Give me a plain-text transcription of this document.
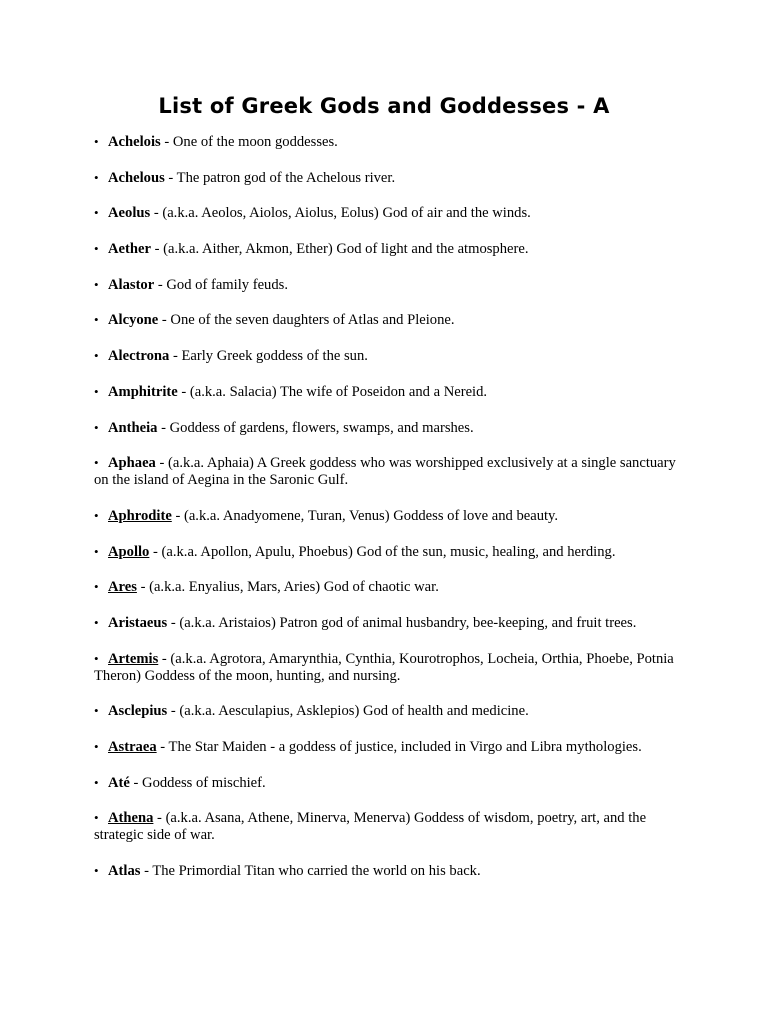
List of Greek Gods and Goddesses - A
• Achelois - One of the moon goddesses.
• Achelous - The patron god of the Achelous river.
• Aeolus - (a.k.a. Aeolos, Aiolos, Aiolus, Eolus) God of air and the winds.
• Aether - (a.k.a. Aither, Akmon, Ether) God of light and the atmosphere.
• Alastor - God of family feuds.
• Alcyone - One of the seven daughters of Atlas and Pleione.
• Alectrona - Early Greek goddess of the sun.
• Amphitrite - (a.k.a. Salacia) The wife of Poseidon and a Nereid.
• Antheia - Goddess of gardens, flowers, swamps, and marshes.
• Aphaea - (a.k.a. Aphaia) A Greek goddess who was worshipped exclusively at a single sanctuary on the island of Aegina in the Saronic Gulf.
• Aphrodite - (a.k.a. Anadyomene, Turan, Venus) Goddess of love and beauty.
• Apollo - (a.k.a. Apollon, Apulu, Phoebus) God of the sun, music, healing, and herding.
• Ares - (a.k.a. Enyalius, Mars, Aries) God of chaotic war.
• Aristaeus - (a.k.a. Aristaios) Patron god of animal husbandry, bee-keeping, and fruit trees.
• Artemis - (a.k.a. Agrotora, Amarynthia, Cynthia, Kourotrophos, Locheia, Orthia, Phoebe, Potnia Theron) Goddess of the moon, hunting, and nursing.
• Asclepius - (a.k.a. Aesculapius, Asklepios) God of health and medicine.
• Astraea - The Star Maiden - a goddess of justice, included in Virgo and Libra mythologies.
• Até - Goddess of mischief.
• Athena - (a.k.a. Asana, Athene, Minerva, Menerva) Goddess of wisdom, poetry, art, and the strategic side of war.
• Atlas - The Primordial Titan who carried the world on his back.
